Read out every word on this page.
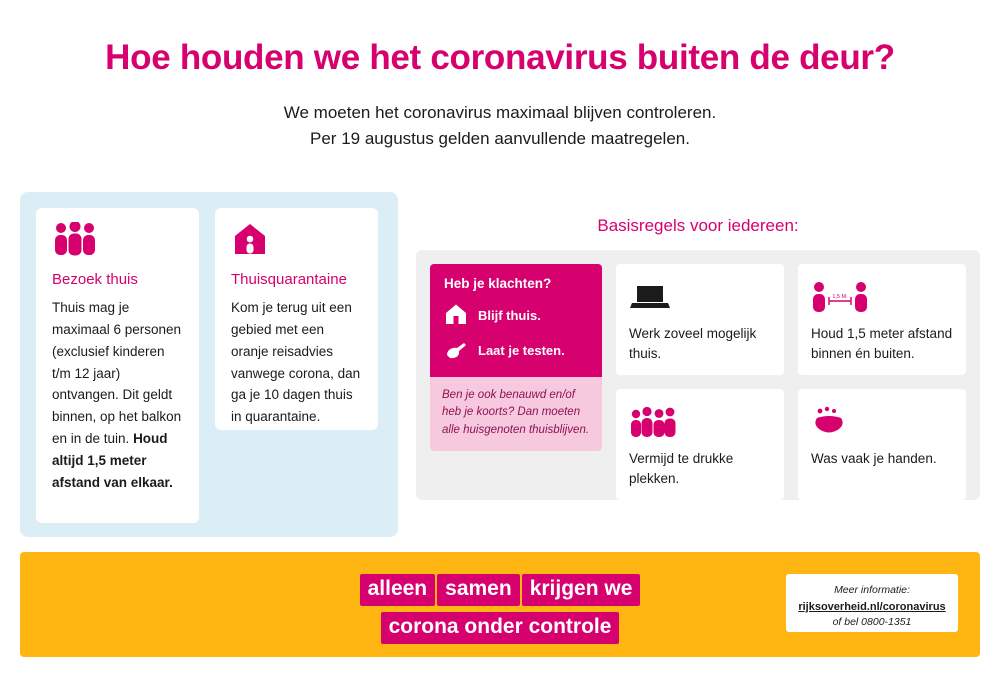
Hoe houden we het coronavirus buiten de deur?
We moeten het coronavirus maximaal blijven controleren.
Per 19 augustus gelden aanvullende maatregelen.
Bezoek thuis
Thuis mag je maximaal 6 personen (exclusief kinderen t/m 12 jaar) ontvangen. Dit geldt binnen, op het balkon en in de tuin. Houd altijd 1,5 meter afstand van elkaar.
Thuisquarantaine
Kom je terug uit een gebied met een oranje reisadvies vanwege corona, dan ga je 10 dagen thuis in quarantaine.
Basisregels voor iedereen:
Heb je klachten?
Blijf thuis.
Laat je testen.
Ben je ook benauwd en/of heb je koorts? Dan moeten alle huisgenoten thuisblijven.
Werk zoveel mogelijk thuis.
1,5 M.
Houd 1,5 meter afstand binnen én buiten.
Vermijd te drukke plekken.
Was vaak je handen.
alleen samen krijgen we
corona onder controle
Meer informatie:
rijksoverheid.nl/coronavirus
of bel 0800-1351
